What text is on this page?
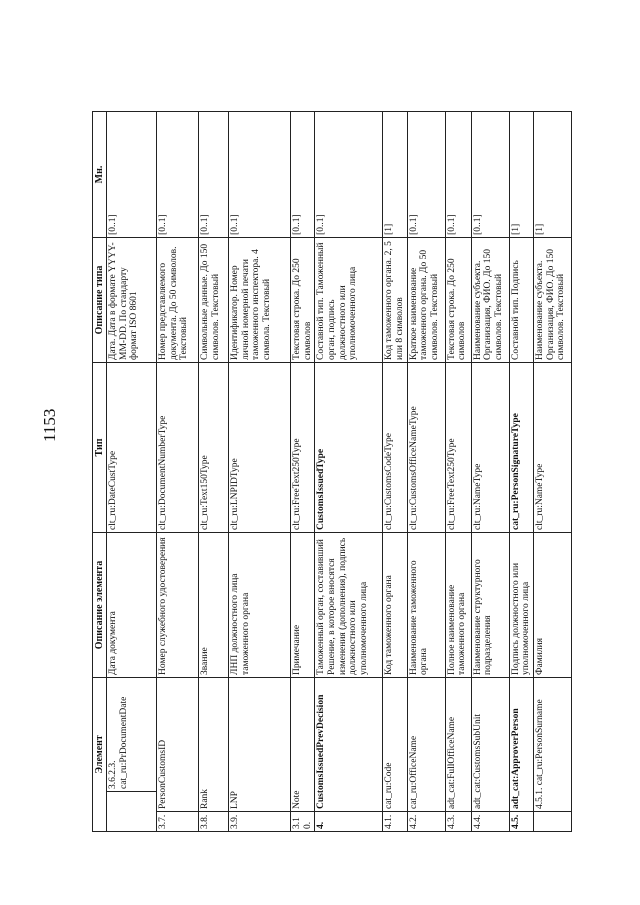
1153
Элемент			Описание элемента	Тип	Описание типа	Мн.
		3.6.2.3. cat_ru:PrDocumentDate	Дата документа	clt_ru:DateCustType	Дата. Дата в формате YYYY-MM-DD. По стандарту формат ISO 8601	[0..1]
3.7.	PersonCustomsID		Номер служебного удостоверения	clt_ru:DocumentNumberType	Номер представляемого документа. До 50 символов. Текстовый	[0..1]
3.8.	Rank		Звание	clt_ru:Text150Type	Символьные данные. До 150 символов. Текстовый	[0..1]
3.9.	LNP		ЛНП должностного лица таможенного органа	clt_ru:LNPIDType	Идентификатор. Номер личной номерной печати таможенного инспектора. 4 символа. Текстовый	[0..1]
3.10.	Note		Примечание	clt_ru:FreeText250Type	Текстовая строка. До 250 символов	[0..1]
4.	CustomsIssuedPrevDecision		Таможенный орган, составивший Решение, в которое вносятся изменения (дополнения), подпись должностного или уполномоченного лица	CustomsIssuedType	Составной тип. Таможенный орган, подпись должностного или уполномоченного лица	[0..1]
4.1.	cat_ru:Code		Код таможенного органа	clt_ru:CustomsCodeType	Код таможенного органа. 2, 5 или 8 символов	[1]
4.2.	cat_ru:OfficeName		Наименование таможенного органа	clt_ru:CustomsOfficeNameType	Краткое наименование таможенного органа. До 50 символов. Текстовый	[0..1]
4.3.	adt_cat:FullOfficeName		Полное наименование таможенного органа	clt_ru:FreeText250Type	Текстовая строка. До 250 символов	[0..1]
4.4.	adt_cat:CustomsSubUnit		Наименование структурного подразделения	clt_ru:NameType	Наименование субъекта. Организация, ФИО. До 150 символов. Текстовый	[0..1]
4.5.	adt_cat:ApproverPerson		Подпись должностного или уполномоченного лица	cat_ru:PersonSignatureType	Составной тип. Подпись	[1]
	4.5.1. cat_ru:PersonSurname		Фамилия	clt_ru:NameType	Наименование субъекта. Организация, ФИО. До 150 символов. Текстовый	[1]
